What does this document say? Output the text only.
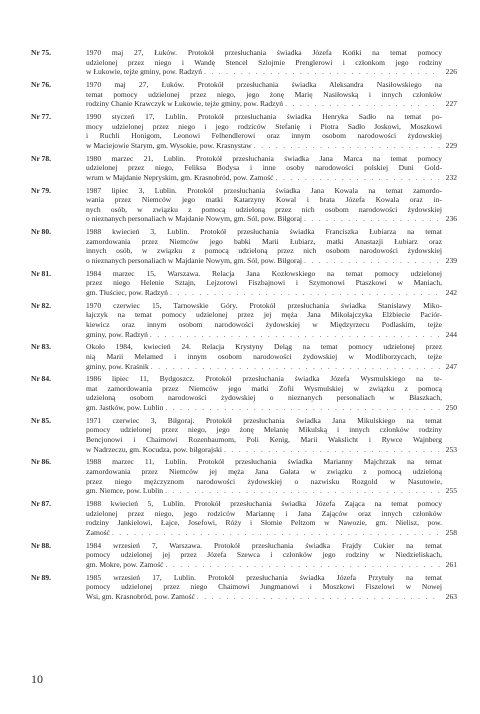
Nr 75.	1970 maj 27, Łuków. Protokół przesłuchania świadka Józefa Końki na temat pomocy
udzielonej przez niego i Wandę Stencel Szlojmie Prenglerowi i członkom jego rodziny
w Łukowie, tejże gminy, pow. Radzyń . . .	226
Nr 76.	1970 maj 27, Łuków. Protokół przesłuchania świadka Aleksandra Nasiłowskiego na
temat pomocy udzielonej przez niego, jego żonę Marię Nasiłowską i innych członków
rodziny Chanie Krawczyk w Łukowie, tejże gminy, pow. Radzyń . . .	227
Nr 77.	1990 styczeń 17, Lublin. Protokół przesłuchania świadka Henryka Sadło na temat po-
mocy udzielonej przez niego i jego rodziców Stefanię i Piotra Sadło Joskowi, Moszkowi
i Ruchli Honigom, Leonowi Felhendlerowi oraz innym osobom narodowości żydowskiej
w Maciejowie Starym, gm. Wysokie, pow. Krasnystaw . . .	229
Nr 78.	1980 marzec 21, Lublin. Protokół przesłuchania świadka Jana Marca na temat pomocy
udzielonej przez niego, Feliksa Bodysa i inne osoby narodowości polskiej Duni Gold-
wrum w Majdanie Nepryskim, gm. Krasnobród, pow. Zamość . . .	232
Nr 79.	1987 lipiec 3, Lublin. Protokół przesłuchania świadka Jana Kowala na temat zamordo-
wania przez Niemców jego matki Katarzyny Kowal i brata Józefa Kowala oraz in-
nych osób, w związku z pomocą udzieloną przez nich osobom narodowości żydowskiej
o nieznanych personaliach w Majdanie Nowym, gm. Sól, pow. Biłgoraj . . .	236
Nr 80.	1988 kwiecień 3, Lublin. Protokół przesłuchania świadka Franciszka Łubiarza na temat
zamordowania przez Niemców jego babki Marii Łubiarz, matki Anastazji Łubiarz oraz
innych osób, w związku z pomocą udzieloną przez nich osobom narodowości żydowskiej
o nieznanych personaliach w Majdanie Nowym, gm. Sól, pow. Biłgoraj . . .	239
Nr 81.	1984 marzec 15, Warszawa. Relacja Jana Kozłowskiego na temat pomocy udzielonej
przez niego Helenie Sztajn, Lejzorowi Fiszbajnowi i Szymonowi Ptaszkowi w Maniach,
gm. Tłuściec, pow. Radzyń . . .	242
Nr 82.	1970 czerwiec 15, Tarnowskie Góry. Protokół przesłuchania świadka Stanisławy Miko-
łajczyk na temat pomocy udzielonej przez jej męża Jana Mikołajczyka Elżbiecie Paciór-
kiewicz oraz innym osobom narodowości żydowskiej w Międzyrzecu Podlaskim, tejże
gminy, pow. Radzyń . . .	244
Nr 83.	Około 1984, kwiecień 24. Relacja Krystyny Deląg na temat pomocy udzielonej przez
nią Marii Melamed i innym osobom narodowości żydowskiej w Modliborzycach, tejże
gminy, pow. Kraśnik . . .	247
Nr 84.	1986 lipiec 11, Bydgoszcz. Protokół przesłuchania świadka Józefa Wysmulskiego na te-
mat zamordowania przez Niemców jego matki Zofii Wysmulskiej w związku z pomocą
udzieloną osobom narodowości żydowskiej o nieznanych personaliach w Błaszkach,
gm. Jastków, pow. Lublin . . .	250
Nr 85.	1971 czerwiec 3, Biłgoraj. Protokół przesłuchania świadka Jana Mikulskiego na temat
pomocy udzielonej przez niego, jego żonę Melanię Mikulską i innych członków rodziny
Bencjonowi i Chaimowi Rozenbaumom, Poli Kenig, Marii Wakslicht i Rywce Wajnberg
w Nadrzeczu, gm. Kocudza, pow. biłgorajski . . .	253
Nr 86.	1988 marzec 11, Lublin. Protokół przesłuchania świadka Marianny Majchrzak na temat
zamordowania przez Niemców jej męża Jana Gałata w związku z pomocą udzieloną
przez niego mężczyznom narodowości żydowskiej o nazwisku Rozgold w Nasutowie,
gm. Niemce, pow. Lublin . . .	255
Nr 87.	1988 kwiecień 5, Lublin. Protokół przesłuchania świadka Józefa Zająca na temat pomocy
udzielonej przez niego, jego rodziców Mariannę i Jana Zająców oraz innych członków
rodziny Jankielowi, Łajce, Josefowi, Róży i Słomie Peltzom w Nawozie, gm. Nielisz, pow.
Zamość . . .	258
Nr 88.	1984 wrzesień 7, Warszawa. Protokół przesłuchania świadka Frajdy Cukier na temat
pomocy udzielonej jej przez Józefa Szewca i członków jego rodziny w Niedzieliskach,
gm. Mokre, pow. Zamość . . .	261
Nr 89.	1985 wrzesień 17, Lublin. Protokół przesłuchania świadka Józefa Przytuły na temat
pomocy udzielonej przez niego Chaimowi Jungmanowi i Moszkowi Fiszelowi w Nowej
Wsi, gm. Krasnobród, pow. Zamość . . .	263
10
